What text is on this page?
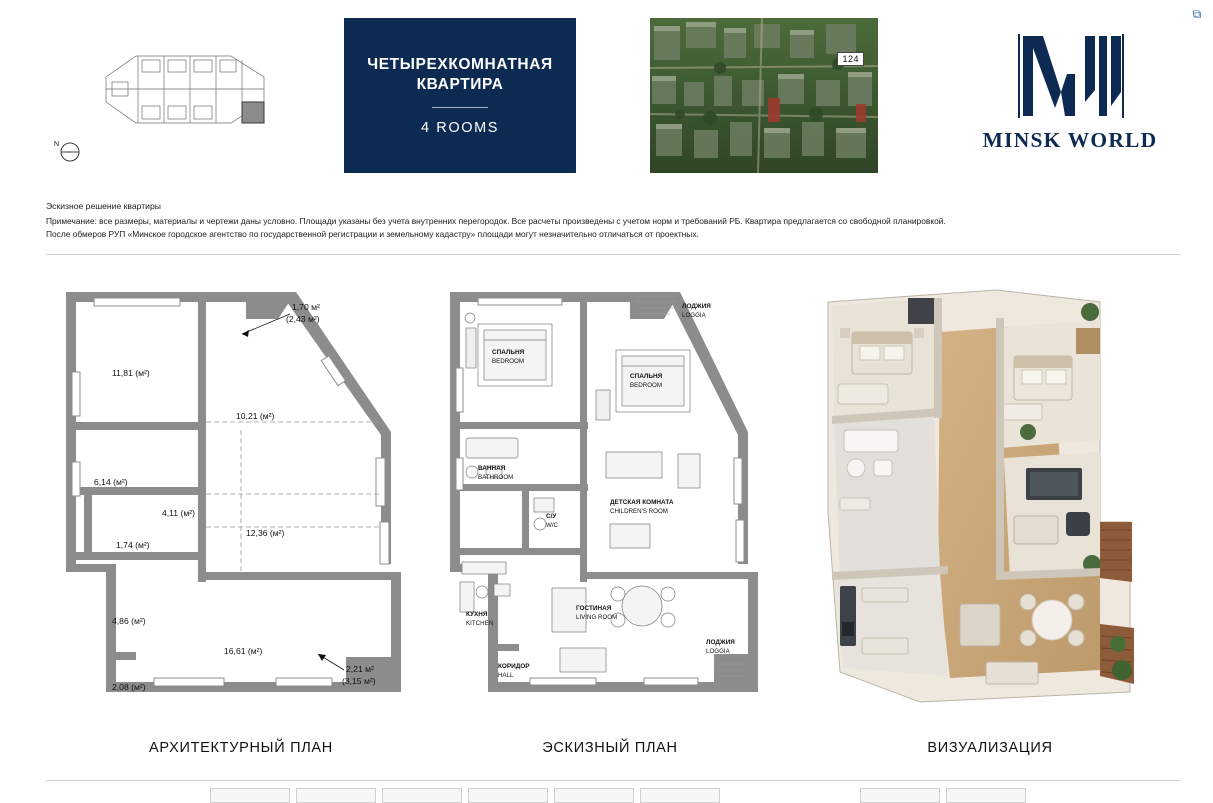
⧉
N
ЧЕТЫРЕХКОМНАТНАЯ КВАРТИРА
4 ROOMS
124
MINSK WORLD
Эскизное решение квартиры
Примечание: все размеры, материалы и чертежи даны условно. Площади указаны без учета внутренних перегородок. Все расчеты произведены с учетом норм и требований РБ. Квартира предлагается со свободной планировкой.
После обмеров РУП «Минское городское агентство по государственной регистрации и земельному кадастру» площади могут незначительно отличаться от проектных.
1,70 м²
(2,43 м²)
11,81 (м²)
10,21 (м²)
6,14 (м²)
4,11 (м²)
1,74 (м²)
12,36 (м²)
4,86 (м²)
16,61 (м²)
2,08 (м²)
2,21 м²
(3,15 м²)
АРХИТЕКТУРНЫЙ ПЛАН
ЛОДЖИЯ
LOGGIA
СПАЛЬНЯ
BEDROOM
СПАЛЬНЯ
BEDROOM
ВАННАЯ
BATHROOM
С/У
W/C
ДЕТСКАЯ КОМНАТА
CHILDREN'S ROOM
КУХНЯ
KITCHEN
ГОСТИНАЯ
LIVING ROOM
КОРИДОР
HALL
ЛОДЖИЯ
LOGGIA
ЭСКИЗНЫЙ ПЛАН	ВИЗУАЛИЗАЦИЯ
